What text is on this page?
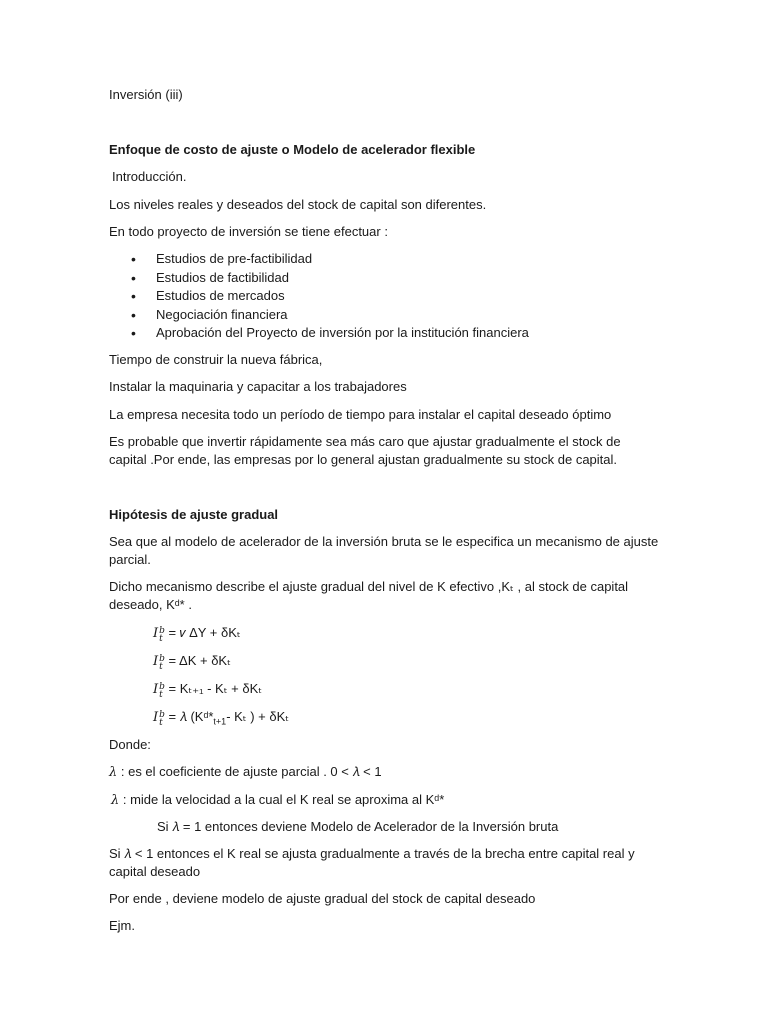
Inversión (iii)
Enfoque de costo de ajuste o Modelo de acelerador flexible
Introducción.
Los niveles reales y deseados del stock de capital son diferentes.
En todo proyecto de inversión se tiene efectuar :
• Estudios de pre-factibilidad
• Estudios de factibilidad
• Estudios de mercados
• Negociación financiera
• Aprobación del Proyecto de inversión por la institución financiera
Tiempo de construir la nueva fábrica,
Instalar la maquinaria y capacitar a los trabajadores
La empresa necesita todo un período de tiempo para instalar el capital deseado óptimo
Es probable que invertir rápidamente sea más caro que ajustar gradualmente el stock de
capital .Por ende, las empresas por lo general ajustan gradualmente su stock de capital.
Hipótesis de ajuste gradual
Sea que al modelo de acelerador de la inversión bruta se le especifica un mecanismo de ajuste
parcial.
Dicho mecanismo describe el ajuste gradual del nivel de K efectivo ,Kₜ , al stock de capital
deseado, Kᵈ* .
I b
t = 𝜈 ΔY + δKₜ
I b
t = ΔK + δKₜ
I b
t = Kₜ₊₁ - Kₜ + δKₜ
I b
t = 𝜆 ($Kᵈ*_{t+1}-$ Kₜ ) + δKₜ
Donde:
𝜆 : es el coeficiente de ajuste parcial . 0 < 𝜆 < 1
𝜆 : mide la velocidad a la cual el K real se aproxima al Kᵈ*
Si 𝜆 = 1 entonces deviene Modelo de Acelerador de la Inversión bruta
Si 𝜆 < 1 entonces el K real se ajusta gradualmente a través de la brecha entre capital real y
capital deseado
Por ende , deviene modelo de ajuste gradual del stock de capital deseado
Ejm.
